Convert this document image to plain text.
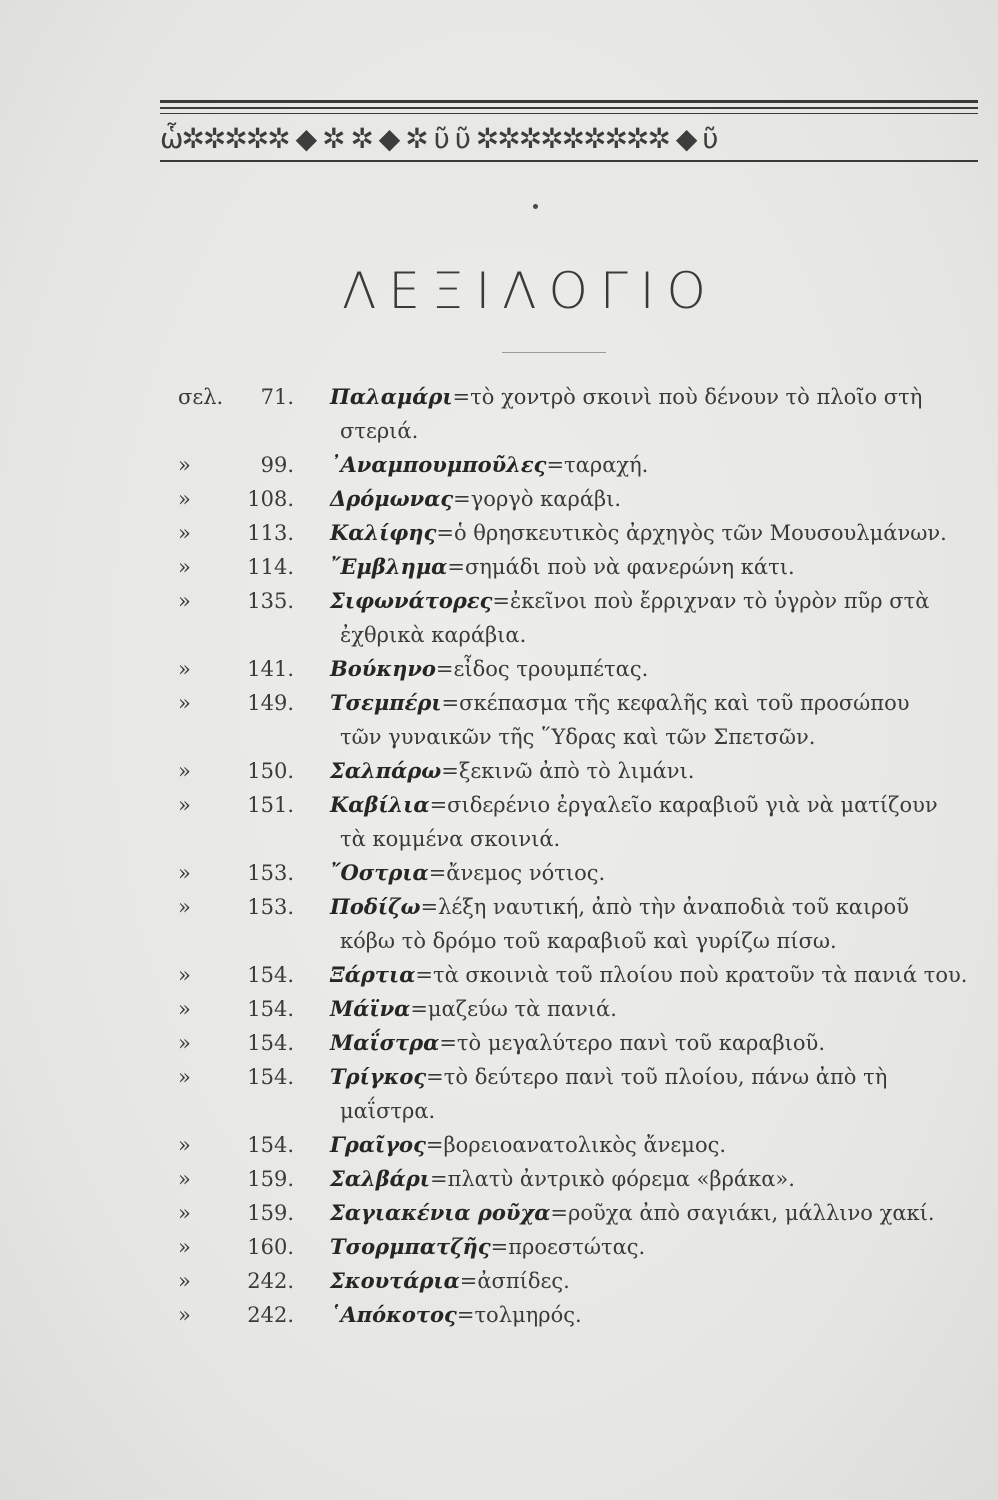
ὧ✲✲✲✲✲ ◆ ✲ ✲ ◆ ✲ ῦ ῦ ✲✲✲✲✲✲✲✲✲ ◆ ῦ
ΛΕΞΙΛΟΓΙΟ
σελ.	71. Παλαμάρι=τὸ χοντρὸ σκοινὶ ποὺ δένουν τὸ πλοῖο στὴ
στεριά.
»	99. ᾿Αναμπουμποῦλες=ταραχή.
»	108. Δρόμωνας=γοργὸ καράβι.
»	113. Καλίφης=ὁ θρησκευτικὸς ἀρχηγὸς τῶν Μουσουλμάνων.
»	114. ῎Εμβλημα=σημάδι ποὺ νὰ φανερώνη κάτι.
»	135. Σιφωνάτορες=ἐκεῖνοι ποὺ ἔρριχναν τὸ ὑγρὸν πῦρ στὰ
ἐχθρικὰ καράβια.
»	141. Βούκηνο=εἶδος τρουμπέτας.
»	149. Τσεμπέρι=σκέπασμα τῆς κεφαλῆς καὶ τοῦ προσώπου
τῶν γυναικῶν τῆς ῞Υδρας καὶ τῶν Σπετσῶν.
»	150. Σαλπάρω=ξεκινῶ ἀπὸ τὸ λιμάνι.
»	151. Καβίλια=σιδερένιο ἐργαλεῖο καραβιοῦ γιὰ νὰ ματίζουν
τὰ κομμένα σκοινιά.
»	153. ῎Οστρια=ἄνεμος νότιος.
»	153. Ποδίζω=λέξη ναυτική, ἀπὸ τὴν ἀναποδιὰ τοῦ καιροῦ
κόβω τὸ δρόμο τοῦ καραβιοῦ καὶ γυρίζω πίσω.
»	154. Ξάρτια=τὰ σκοινιὰ τοῦ πλοίου ποὺ κρατοῦν τὰ πανιά του.
»	154. Μάϊνα=μαζεύω τὰ πανιά.
»	154. Μαΐστρα=τὸ μεγαλύτερο πανὶ τοῦ καραβιοῦ.
»	154. Τρίγκος=τὸ δεύτερο πανὶ τοῦ πλοίου, πάνω ἀπὸ τὴ
μαΐστρα.
»	154. Γραῖγος=βορειοανατολικὸς ἄνεμος.
»	159. Σαλβάρι=πλατὺ ἀντρικὸ φόρεμα «βράκα».
»	159. Σαγιακένια ροῦχα=ροῦχα ἀπὸ σαγιάκι, μάλλινο χακί.
»	160. Τσορμπατζῆς=προεστώτας.
»	242. Σκουτάρια=ἀσπίδες.
»	242. ῾Απόκοτος=τολμηρός.
